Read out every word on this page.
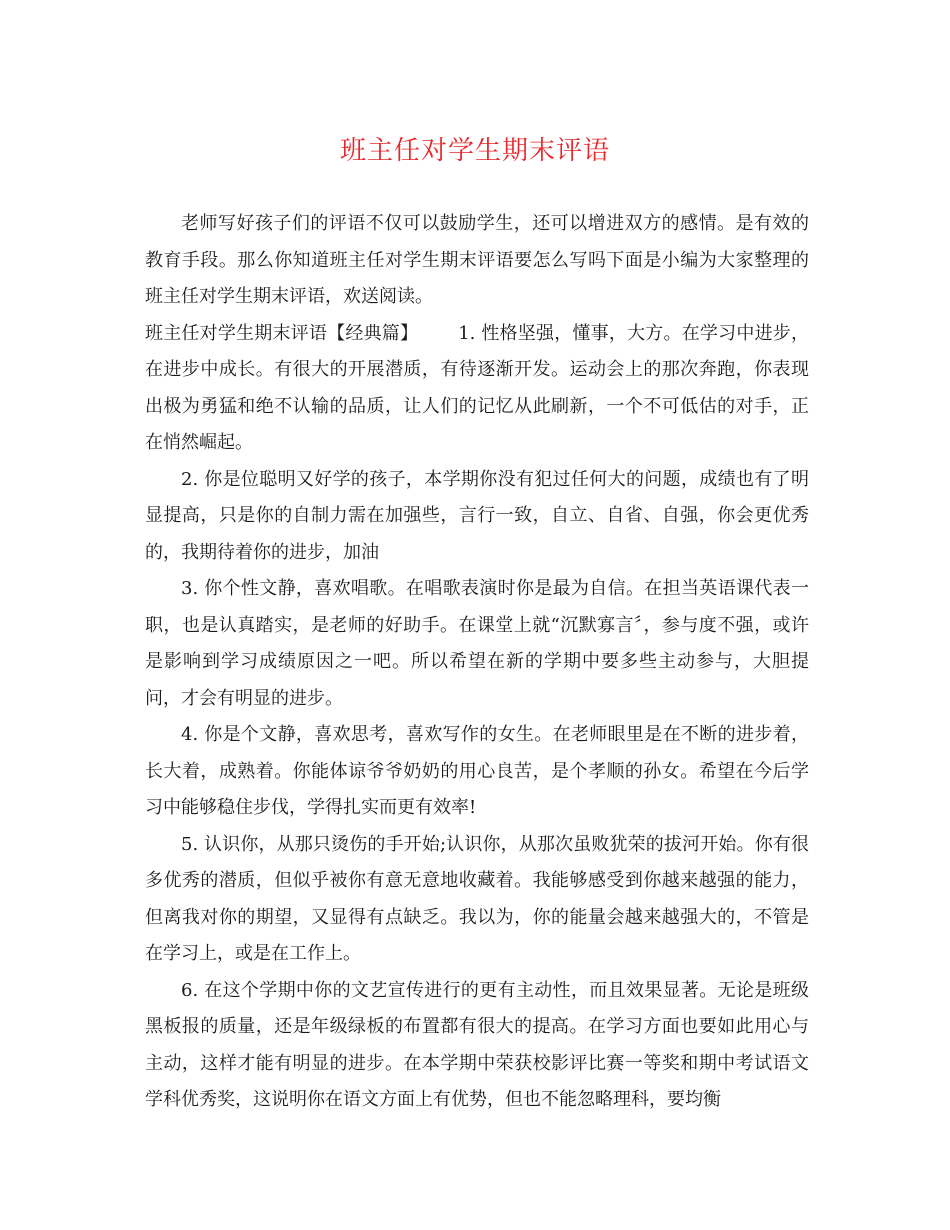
班主任对学生期末评语

老师写好孩子们的评语不仅可以鼓励学生，还可以增进双方的感情。是有效的教育手段。那么你知道班主任对学生期末评语要怎么写吗下面是小编为大家整理的班主任对学生期末评语，欢送阅读。

班主任对学生期末评语【经典篇】 1. 性格坚强，懂事，大方。在学习中进步，在进步中成长。有很大的开展潜质，有待逐渐开发。运动会上的那次奔跑，你表现出极为勇猛和绝不认输的品质，让人们的记忆从此刷新，一个不可低估的对手，正在悄然崛起。

2. 你是位聪明又好学的孩子，本学期你没有犯过任何大的问题，成绩也有了明显提高，只是你的自制力需在加强些，言行一致，自立、自省、自强，你会更优秀的，我期待着你的进步，加油

3. 你个性文静，喜欢唱歌。在唱歌表演时你是最为自信。在担当英语课代表一职，也是认真踏实，是老师的好助手。在课堂上就“沉默寡言〞，参与度不强，或许是影响到学习成绩原因之一吧。所以希望在新的学期中要多些主动参与，大胆提问，才会有明显的进步。

4. 你是个文静，喜欢思考，喜欢写作的女生。在老师眼里是在不断的进步着，长大着，成熟着。你能体谅爷爷奶奶的用心良苦，是个孝顺的孙女。希望在今后学习中能够稳住步伐，学得扎实而更有效率!

5. 认识你，从那只烫伤的手开始;认识你，从那次虽败犹荣的拔河开始。你有很多优秀的潜质，但似乎被你有意无意地收藏着。我能够感受到你越来越强的能力，但离我对你的期望，又显得有点缺乏。我以为，你的能量会越来越强大的，不管是在学习上，或是在工作上。

6. 在这个学期中你的文艺宣传进行的更有主动性，而且效果显著。无论是班级黑板报的质量，还是年级绿板的布置都有很大的提高。在学习方面也要如此用心与主动，这样才能有明显的进步。在本学期中荣获校影评比赛一等奖和期中考试语文学科优秀奖，这说明你在语文方面上有优势，但也不能忽略理科，要均衡
